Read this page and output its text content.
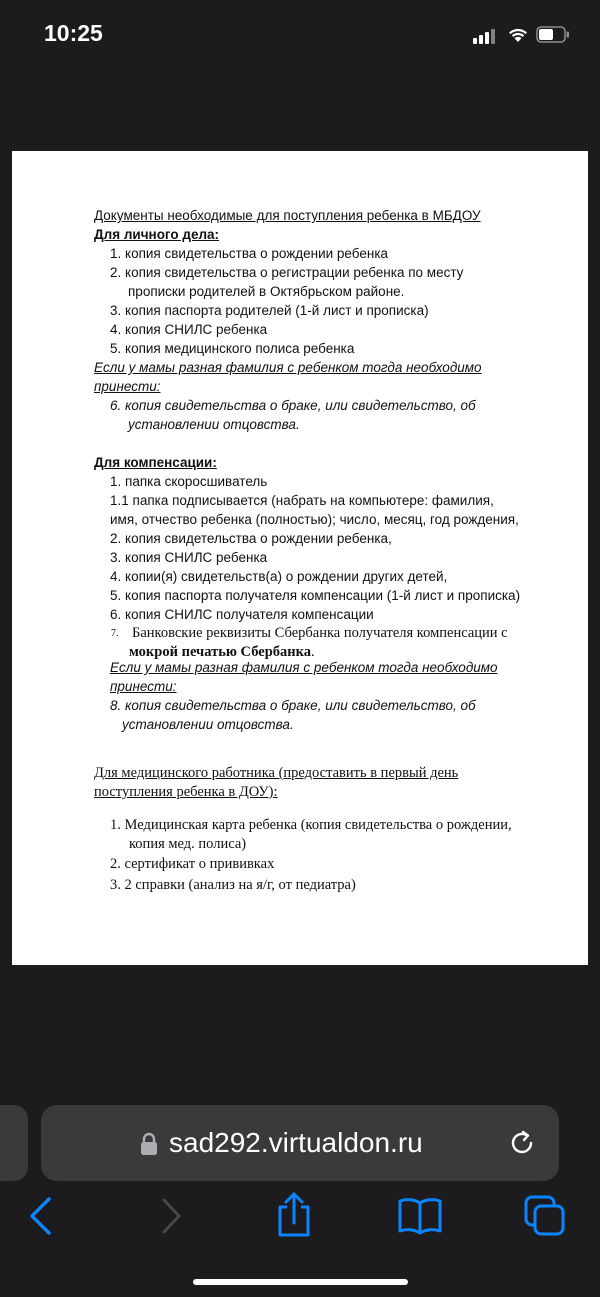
10:25
Документы необходимые для поступления ребенка в МБДОУ
Для личного дела:
1. копия свидетельства о рождении ребенка
2. копия свидетельства о регистрации ребенка по месту
прописки родителей в Октябрьском районе.
3. копия паспорта родителей (1-й лист и прописка)
4. копия СНИЛС ребенка
5. копия медицинского полиса ребенка
Если у мамы разная фамилия с ребенком тогда необходимо
принести:
6. копия свидетельства о браке, или свидетельство, об
установлении отцовства.
Для компенсации:
1. папка скоросшиватель
1.1 папка подписывается (набрать на компьютере: фамилия,
имя, отчество ребенка (полностью); число, месяц, год рождения,
2. копия свидетельства о рождении ребенка,
3. копия СНИЛС ребенка
4. копии(я) свидетельств(а) о рождении других детей,
5. копия паспорта получателя компенсации (1-й лист и прописка)
6. копия СНИЛС получателя компенсации
7. Банковские реквизиты Сбербанка получателя компенсации с
мокрой печатью Сбербанка.
Если у мамы разная фамилия с ребенком тогда необходимо
принести:
8. копия свидетельства о браке, или свидетельство, об
установлении отцовства.
Для медицинского работника (предоставить в первый день
поступления ребенка в ДОУ):
1. Медицинская карта ребенка (копия свидетельства о рождении,
копия мед. полиса)
2. сертификат о прививках
3. 2 справки (анализ на я/г, от педиатра)
sad292.virtualdon.ru
